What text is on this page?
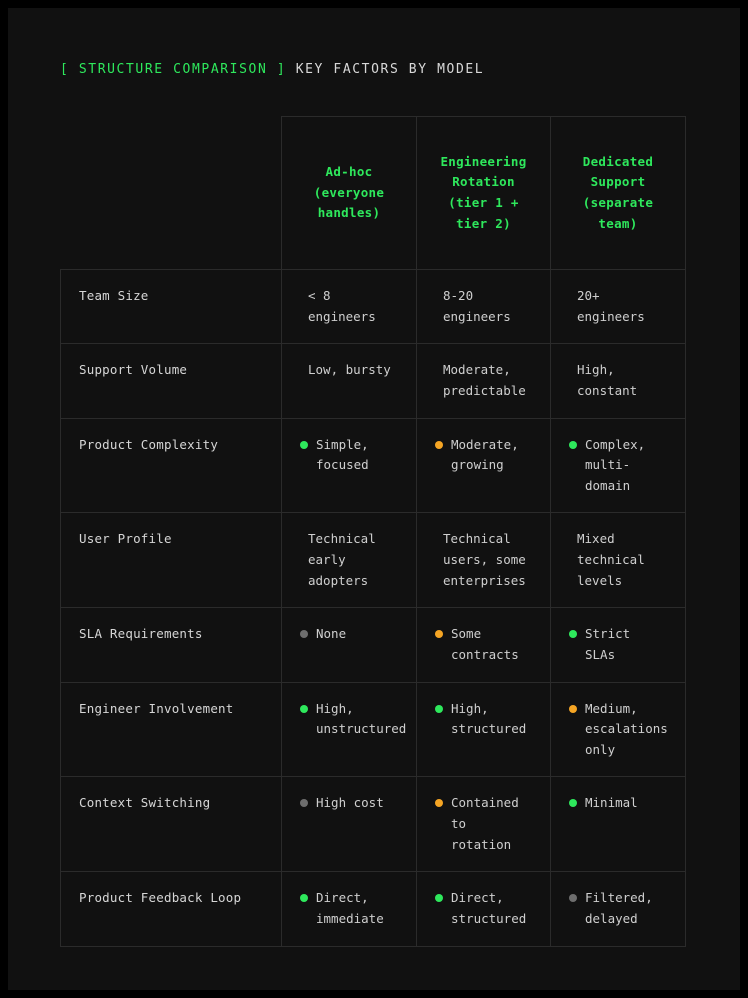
[ STRUCTURE COMPARISON ] KEY FACTORS BY MODEL
	Ad-hoc (everyone handles)	Engineering Rotation (tier 1 + tier 2)	Dedicated Support (separate team)
Team Size	< 8 engineers	8-20 engineers	20+ engineers

Support Volume	Low, bursty	Moderate, predictable	High, constant

Product Complexity	Simple, focused	Moderate, growing	Complex, multi-domain

User Profile	Technical early adopters	Technical users, some enterprises	Mixed technical levels

SLA Requirements	None	Some contracts	Strict SLAs

Engineer Involvement	High, unstructured	High, structured	Medium, escalations only

Context Switching	High cost	Contained to rotation	Minimal

Product Feedback Loop	Direct, immediate	Direct, structured	Filtered, delayed
